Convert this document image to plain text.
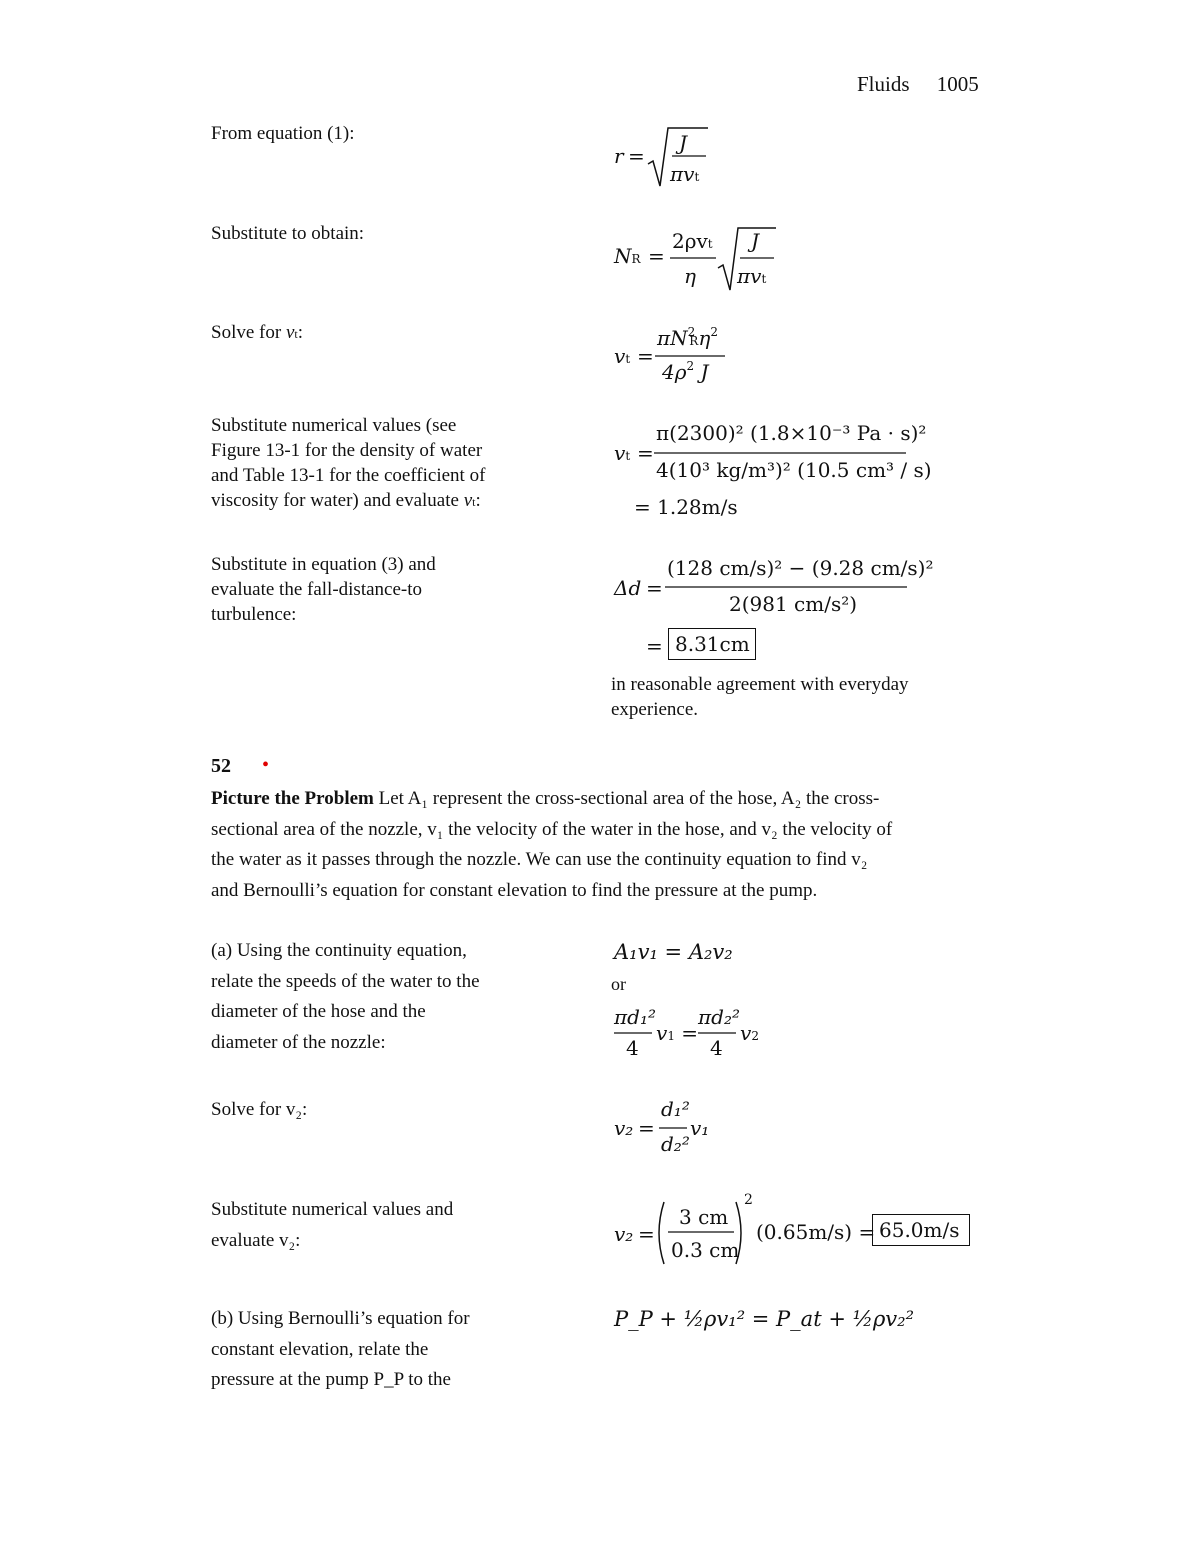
Fluids 1005
From equation (1):
Substitute to obtain:
Solve for vt:
Substitute numerical values (see
Figure 13-1 for the density of water
and Table 13-1 for the coefficient of
viscosity for water) and evaluate vt:
Substitute in equation (3) and
evaluate the fall-distance-to
turbulence:
r =
J
πvt
NR =
2ρvt
η
J
πvt
vt =
$\pi N^2R\eta^2$
$4\rho^2$ J
vt =
π(2300)² (1.8×10⁻³ Pa · s)²
4(10³ kg/m³)² (10.5 cm³ / s)
= 1.28m/s
Δd =
(128 cm/s)² − (9.28 cm/s)²
2(981 cm/s²)
= 8.31cm
in reasonable agreement with everyday
experience.
52 •
Picture the Problem Let A₁ represent the cross-sectional area of the hose, A₂ the cross-
sectional area of the nozzle, v₁ the velocity of the water in the hose, and v₂ the velocity of
the water as it passes through the nozzle. We can use the continuity equation to find v₂
and Bernoulli’s equation for constant elevation to find the pressure at the pump.
(a) Using the continuity equation,
relate the speeds of the water to the
diameter of the hose and the
diameter of the nozzle:
Solve for v₂:
Substitute numerical values and
evaluate v₂:
(b) Using Bernoulli’s equation for
constant elevation, relate the
pressure at the pump P_P to the
A₁v₁ = A₂v₂
or
πd₁²
4
v1 =
πd₂²
4
v2
v₂ =
d₁²
d₂²
v₁
v₂ =
3 cm
0.3 cm
2
(0.65m/s) = 65.0m/s
P_P + ½ρv₁² = P_at + ½ρv₂²
